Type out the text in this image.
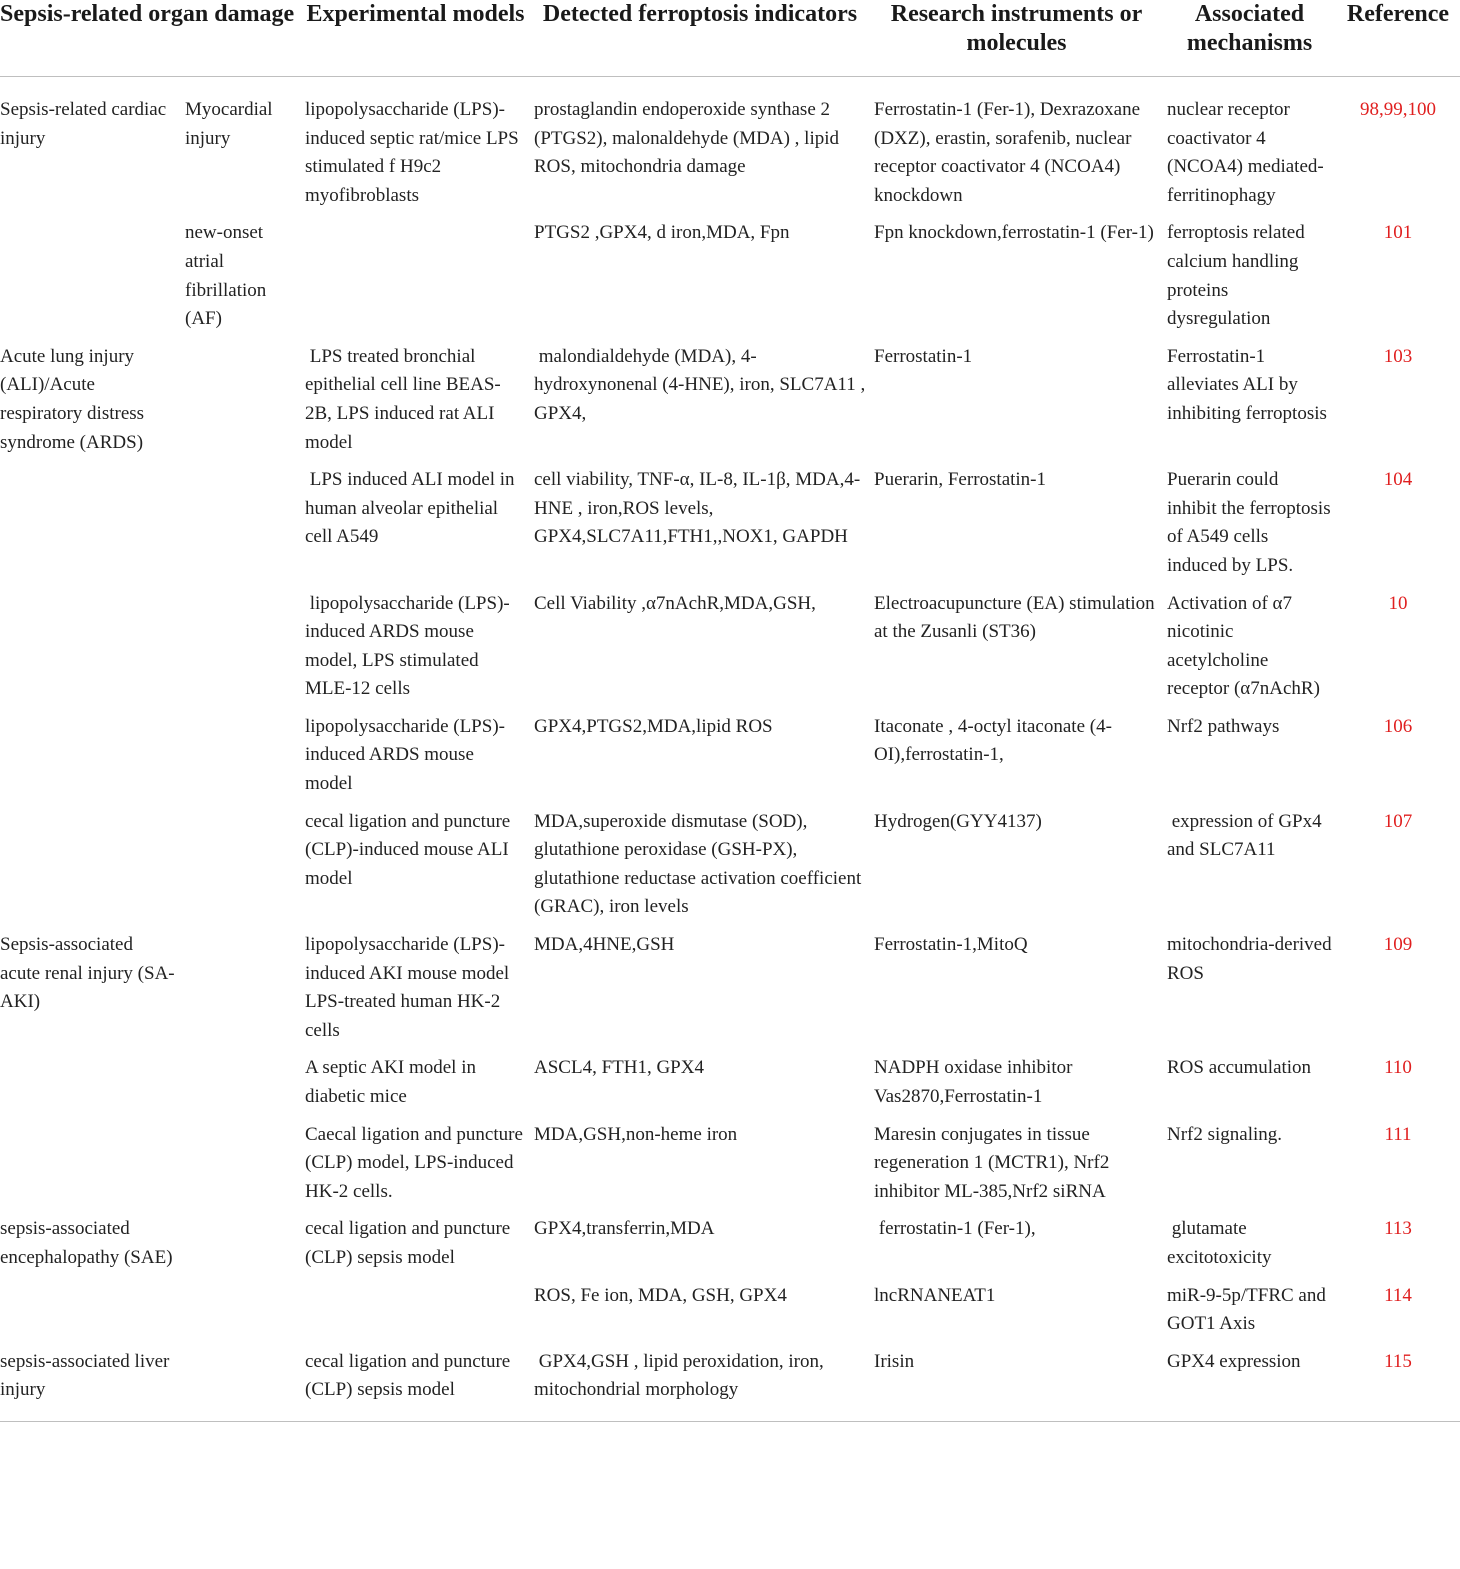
Sepsis-related organ damage		Experimental models	Detected ferroptosis indicators	Research instruments or molecules	Associated mechanisms	Reference
Sepsis-related cardiac injury	Myocardial injury	lipopolysaccharide (LPS)-induced septic rat/mice LPS stimulated f H9c2 myofibroblasts	prostaglandin endoperoxide synthase 2 (PTGS2), malonaldehyde (MDA) , lipid ROS, mitochondria damage	Ferrostatin-1 (Fer-1), Dexrazoxane (DXZ), erastin, sorafenib, nuclear receptor coactivator 4 (NCOA4) knockdown	nuclear receptor coactivator 4 (NCOA4) mediated-ferritinophagy	98,99,100
	new-onset atrial fibrillation (AF)		PTGS2 ,GPX4, d iron,MDA, Fpn	Fpn knockdown,ferrostatin-1 (Fer-1)	ferroptosis related calcium handling proteins dysregulation	101
Acute lung injury (ALI)/Acute respiratory distress syndrome (ARDS)		LPS treated bronchial epithelial cell line BEAS-2B, LPS induced rat ALI model	malondialdehyde (MDA), 4-hydroxynonenal (4-HNE), iron, SLC7A11 , GPX4,	Ferrostatin-1	Ferrostatin-1 alleviates ALI by inhibiting ferroptosis	103
		LPS induced ALI model in human alveolar epithelial cell A549	cell viability, TNF-α, IL-8, IL-1β, MDA,4-HNE , iron,ROS levels, GPX4,SLC7A11,FTH1,,NOX1, GAPDH	Puerarin, Ferrostatin-1	Puerarin could inhibit the ferroptosis of A549 cells induced by LPS.	104
		lipopolysaccharide (LPS)-induced ARDS mouse model, LPS stimulated MLE-12 cells	Cell Viability ,α7nAchR,MDA,GSH,	Electroacupuncture (EA) stimulation at the Zusanli (ST36)	Activation of α7 nicotinic acetylcholine receptor (α7nAchR)	10
		lipopolysaccharide (LPS)-induced ARDS mouse model	GPX4,PTGS2,MDA,lipid ROS	Itaconate , 4-octyl itaconate (4-OI),ferrostatin-1,	Nrf2 pathways	106
		cecal ligation and puncture (CLP)-induced mouse ALI model	MDA,superoxide dismutase (SOD), glutathione peroxidase (GSH-PX), glutathione reductase activation coefficient (GRAC), iron levels	Hydrogen(GYY4137)	expression of GPx4 and SLC7A11	107
Sepsis-associated acute renal injury (SA-AKI)		lipopolysaccharide (LPS)-induced AKI mouse model LPS-treated human HK-2 cells	MDA,4HNE,GSH	Ferrostatin-1,MitoQ	mitochondria-derived ROS	109
		A septic AKI model in diabetic mice	ASCL4, FTH1, GPX4	NADPH oxidase inhibitor Vas2870,Ferrostatin-1	ROS accumulation	110
		Caecal ligation and puncture (CLP) model, LPS-induced HK-2 cells.	MDA,GSH,non-heme iron	Maresin conjugates in tissue regeneration 1 (MCTR1), Nrf2 inhibitor ML-385,Nrf2 siRNA	Nrf2 signaling.	111
sepsis-associated encephalopathy (SAE)		cecal ligation and puncture (CLP) sepsis model	GPX4,transferrin,MDA	ferrostatin-1 (Fer-1),	glutamate excitotoxicity	113
			ROS, Fe ion, MDA, GSH, GPX4	lncRNANEAT1	miR-9-5p/TFRC and GOT1 Axis	114
sepsis-associated liver injury		cecal ligation and puncture (CLP) sepsis model	GPX4,GSH , lipid peroxidation, iron, mitochondrial morphology	Irisin	GPX4 expression	115
